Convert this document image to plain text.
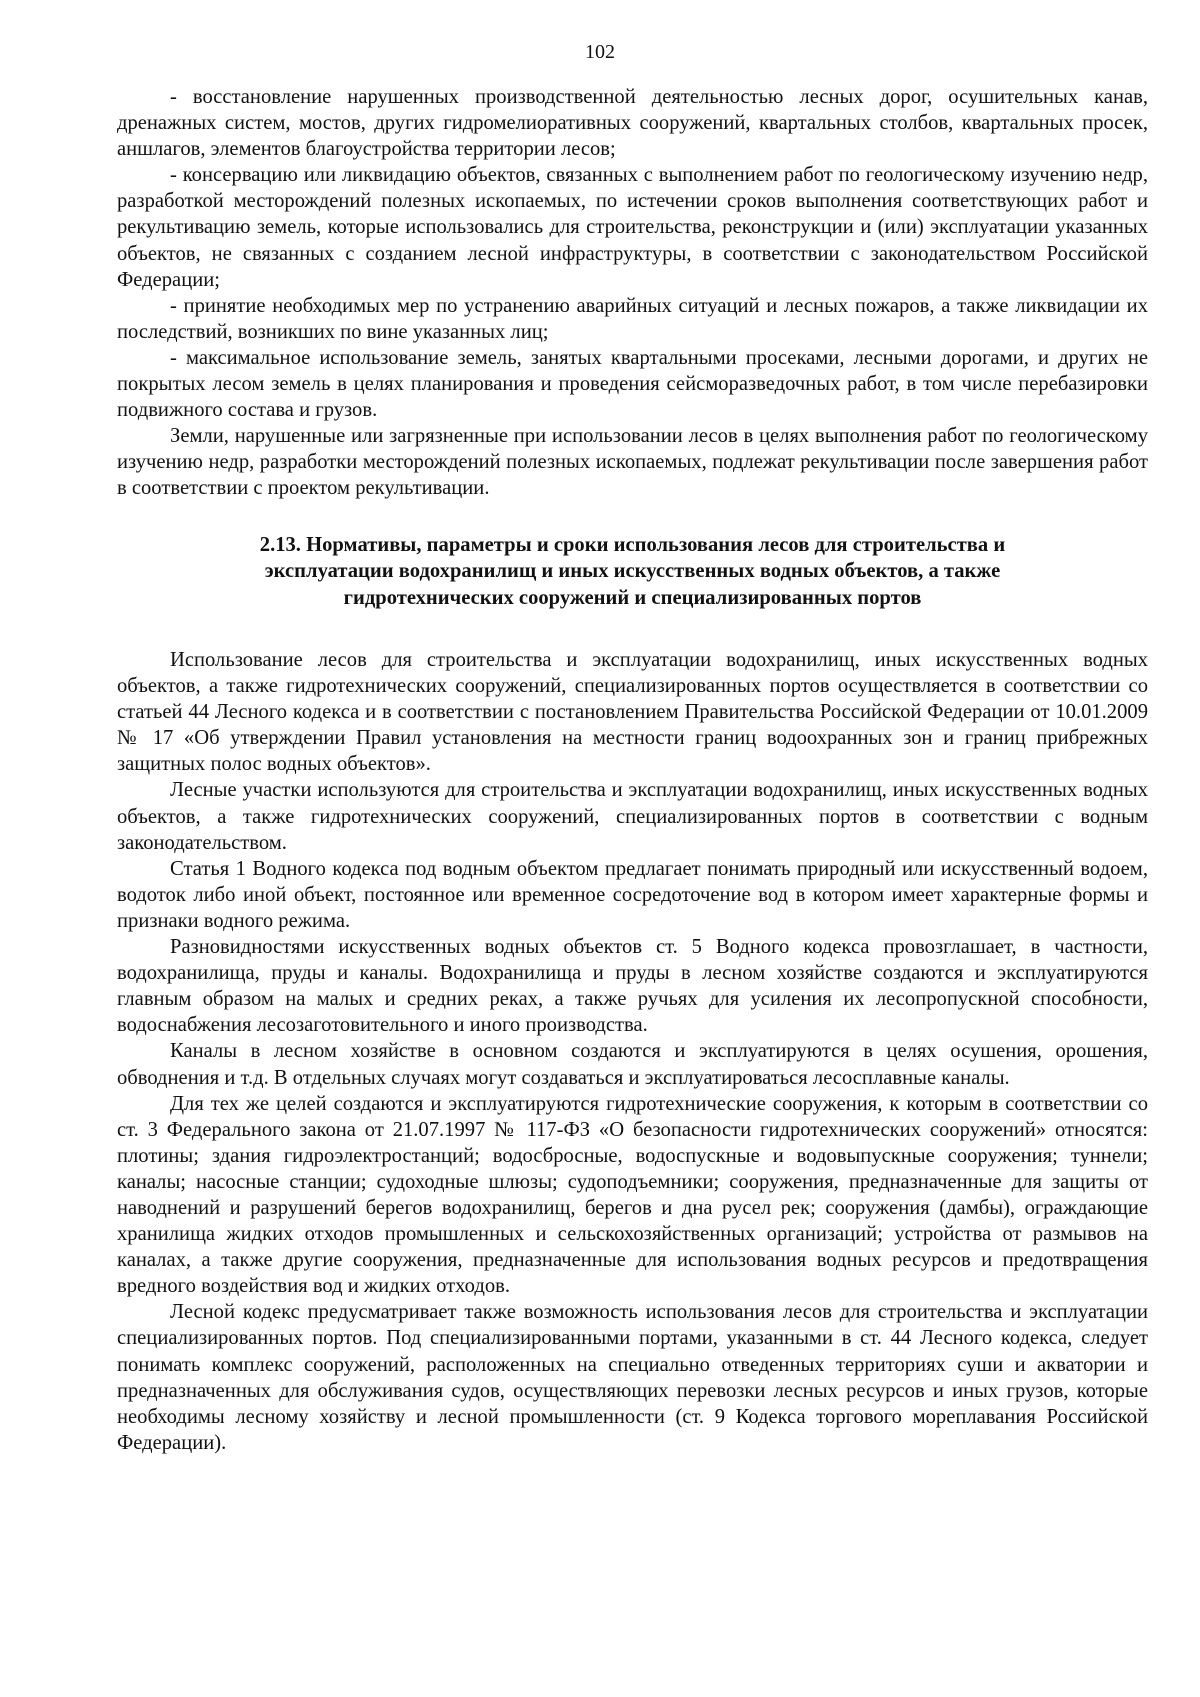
102

- восстановление нарушенных производственной деятельностью лесных дорог, осушительных канав, дренажных систем, мостов, других гидромелиоративных сооружений, квартальных столбов, квартальных просек, аншлагов, элементов благоустройства территории лесов;

- консервацию или ликвидацию объектов, связанных с выполнением работ по геологическому изучению недр, разработкой месторождений полезных ископаемых, по истечении сроков выполнения соответствующих работ и рекультивацию земель, которые использовались для строительства, реконструкции и (или) эксплуатации указанных объектов, не связанных с созданием лесной инфраструктуры, в соответствии с законодательством Российской Федерации;

- принятие необходимых мер по устранению аварийных ситуаций и лесных пожаров, а также ликвидации их последствий, возникших по вине указанных лиц;

- максимальное использование земель, занятых квартальными просеками, лесными дорогами, и других не покрытых лесом земель в целях планирования и проведения сейсморазведочных работ, в том числе перебазировки подвижного состава и грузов.

Земли, нарушенные или загрязненные при использовании лесов в целях выполнения работ по геологическому изучению недр, разработки месторождений полезных ископаемых, подлежат рекультивации после завершения работ в соответствии с проектом рекультивации.

2.13. Нормативы, параметры и сроки использования лесов для строительства и
эксплуатации водохранилищ и иных искусственных водных объектов, а также
гидротехнических сооружений и специализированных портов

Использование лесов для строительства и эксплуатации водохранилищ, иных искусственных водных объектов, а также гидротехнических сооружений, специализированных портов осуществляется в соответствии со статьей 44 Лесного кодекса и в соответствии с постановлением Правительства Российской Федерации от 10.01.2009 № 17 «Об утверждении Правил установления на местности границ водоохранных зон и границ прибрежных защитных полос водных объектов».

Лесные участки используются для строительства и эксплуатации водохранилищ, иных искусственных водных объектов, а также гидротехнических сооружений, специализированных портов в соответствии с водным законодательством.

Статья 1 Водного кодекса под водным объектом предлагает понимать природный или искусственный водоем, водоток либо иной объект, постоянное или временное сосредоточение вод в котором имеет характерные формы и признаки водного режима.

Разновидностями искусственных водных объектов ст. 5 Водного кодекса провозглашает, в частности, водохранилища, пруды и каналы. Водохранилища и пруды в лесном хозяйстве создаются и эксплуатируются главным образом на малых и средних реках, а также ручьях для усиления их лесопропускной способности, водоснабжения лесозаготовительного и иного производства.

Каналы в лесном хозяйстве в основном создаются и эксплуатируются в целях осушения, орошения, обводнения и т.д. В отдельных случаях могут создаваться и эксплуатироваться лесосплавные каналы.

Для тех же целей создаются и эксплуатируются гидротехнические сооружения, к которым в соответствии со ст. 3 Федерального закона от 21.07.1997 № 117-ФЗ «О безопасности гидротехнических сооружений» относятся: плотины; здания гидроэлектростанций; водосбросные, водоспускные и водовыпускные сооружения; туннели; каналы; насосные станции; судоходные шлюзы; судоподъемники; сооружения, предназначенные для защиты от наводнений и разрушений берегов водохранилищ, берегов и дна русел рек; сооружения (дамбы), ограждающие хранилища жидких отходов промышленных и сельскохозяйственных организаций; устройства от размывов на каналах, а также другие сооружения, предназначенные для использования водных ресурсов и предотвращения вредного воздействия вод и жидких отходов.

Лесной кодекс предусматривает также возможность использования лесов для строительства и эксплуатации специализированных портов. Под специализированными портами, указанными в ст. 44 Лесного кодекса, следует понимать комплекс сооружений, расположенных на специально отведенных территориях суши и акватории и предназначенных для обслуживания судов, осуществляющих перевозки лесных ресурсов и иных грузов, которые необходимы лесному хозяйству и лесной промышленности (ст. 9 Кодекса торгового мореплавания Российской Федерации).
